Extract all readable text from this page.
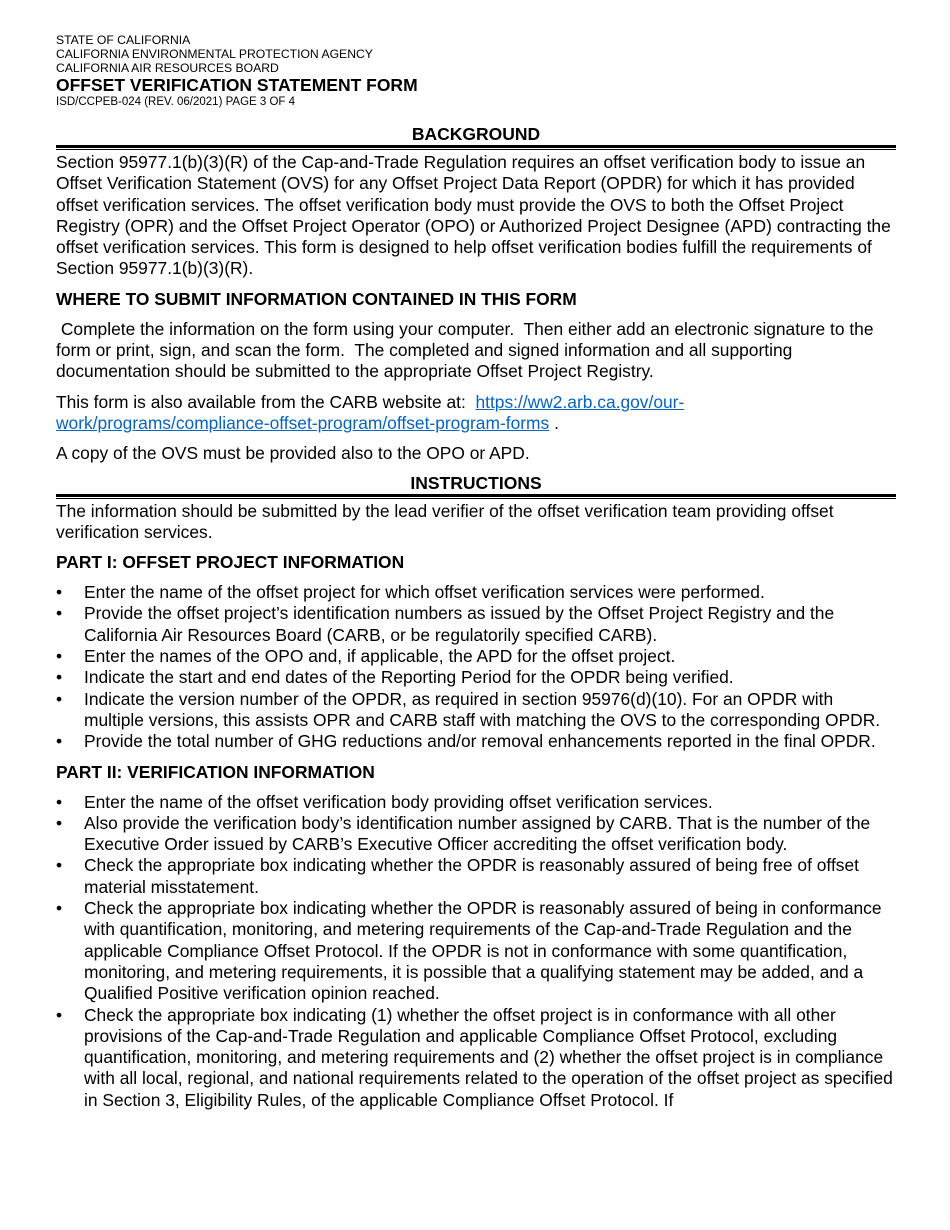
STATE OF CALIFORNIA
CALIFORNIA ENVIRONMENTAL PROTECTION AGENCY
CALIFORNIA AIR RESOURCES BOARD
OFFSET VERIFICATION STATEMENT FORM
ISD/CCPEB-024 (REV. 06/2021) PAGE 3 OF 4
BACKGROUND

Section 95977.1(b)(3)(R) of the Cap-and-Trade Regulation requires an offset verification body to issue an Offset Verification Statement (OVS) for any Offset Project Data Report (OPDR) for which it has provided offset verification services. The offset verification body must provide the OVS to both the Offset Project Registry (OPR) and the Offset Project Operator (OPO) or Authorized Project Designee (APD) contracting the offset verification services. This form is designed to help offset verification bodies fulfill the requirements of Section 95977.1(b)(3)(R).

WHERE TO SUBMIT INFORMATION CONTAINED IN THIS FORM

Complete the information on the form using your computer.  Then either add an electronic signature to the form or print, sign, and scan the form.  The completed and signed information and all supporting documentation should be submitted to the appropriate Offset Project Registry.

This form is also available from the CARB website at:  https://ww2.arb.ca.gov/our-work/programs/compliance-offset-program/offset-program-forms .

A copy of the OVS must be provided also to the OPO or APD.

INSTRUCTIONS

The information should be submitted by the lead verifier of the offset verification team providing offset verification services.

PART I: OFFSET PROJECT INFORMATION
• Enter the name of the offset project for which offset verification services were performed.
• Provide the offset project’s identification numbers as issued by the Offset Project Registry and the California Air Resources Board (CARB, or be regulatorily specified CARB).
• Enter the names of the OPO and, if applicable, the APD for the offset project.
• Indicate the start and end dates of the Reporting Period for the OPDR being verified.
• Indicate the version number of the OPDR, as required in section 95976(d)(10). For an OPDR with multiple versions, this assists OPR and CARB staff with matching the OVS to the corresponding OPDR.
• Provide the total number of GHG reductions and/or removal enhancements reported in the final OPDR.
PART II: VERIFICATION INFORMATION
• Enter the name of the offset verification body providing offset verification services.
• Also provide the verification body’s identification number assigned by CARB. That is the number of the Executive Order issued by CARB’s Executive Officer accrediting the offset verification body.
• Check the appropriate box indicating whether the OPDR is reasonably assured of being free of offset material misstatement.
• Check the appropriate box indicating whether the OPDR is reasonably assured of being in conformance with quantification, monitoring, and metering requirements of the Cap-and-Trade Regulation and the applicable Compliance Offset Protocol. If the OPDR is not in conformance with some quantification, monitoring, and metering requirements, it is possible that a qualifying statement may be added, and a Qualified Positive verification opinion reached.
• Check the appropriate box indicating (1) whether the offset project is in conformance with all other provisions of the Cap-and-Trade Regulation and applicable Compliance Offset Protocol, excluding quantification, monitoring, and metering requirements and (2) whether the offset project is in compliance with all local, regional, and national requirements related to the operation of the offset project as specified in Section 3, Eligibility Rules, of the applicable Compliance Offset Protocol. If
